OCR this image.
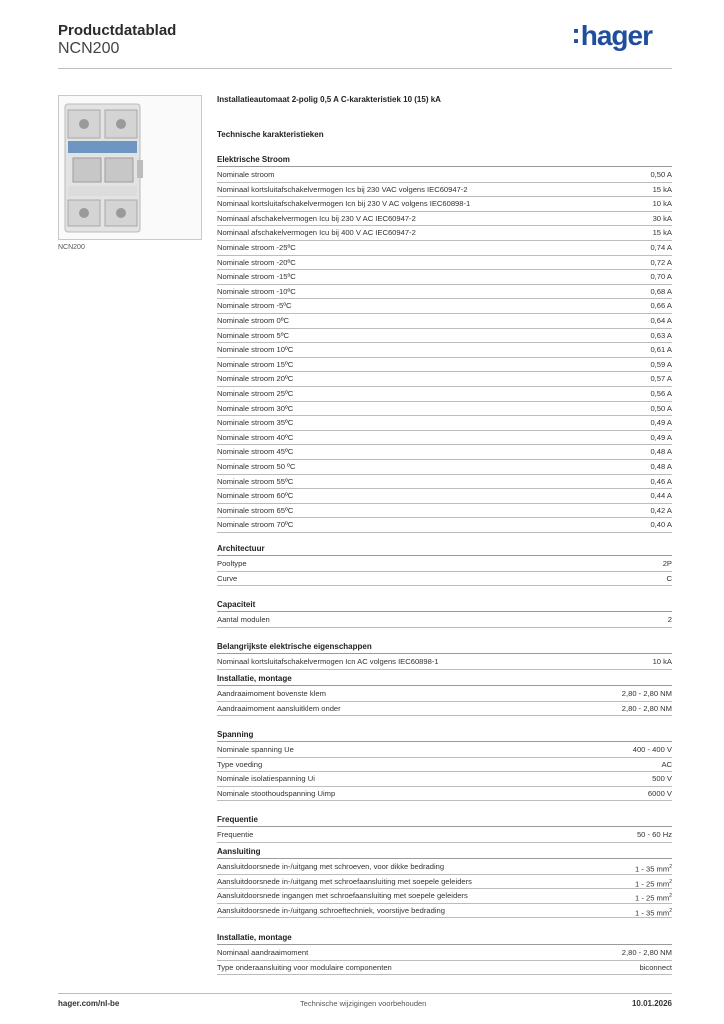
Productdatablad
NCN200	:hager
NCN200
Installatieautomaat 2-polig 0,5 A C-karakteristiek 10 (15) kA
Technische karakteristieken
Elektrische Stroom
Nominale stroom	0,50 A
Nominaal kortsluitafschakelvermogen Ics bij 230 VAC volgens IEC60947-2	15 kA
Nominaal kortsluitafschakelvermogen Icn bij 230 V AC volgens IEC60898-1	10 kA
Nominaal afschakelvermogen Icu bij 230 V AC IEC60947-2	30 kA
Nominaal afschakelvermogen Icu bij 400 V AC IEC60947-2	15 kA
Nominale stroom -25ºC	0,74 A
Nominale stroom -20ºC	0,72 A
Nominale stroom -15ºC	0,70 A
Nominale stroom -10ºC	0,68 A
Nominale stroom -5ºC	0,66 A
Nominale stroom 0ºC	0,64 A
Nominale stroom 5ºC	0,63 A
Nominale stroom 10ºC	0,61 A
Nominale stroom 15ºC	0,59 A
Nominale stroom 20ºC	0,57 A
Nominale stroom 25ºC	0,56 A
Nominale stroom 30ºC	0,50 A
Nominale stroom 35ºC	0,49 A
Nominale stroom 40ºC	0,49 A
Nominale stroom 45ºC	0,48 A
Nominale stroom 50 ºC	0,48 A
Nominale stroom 55ºC	0,46 A
Nominale stroom 60ºC	0,44 A
Nominale stroom 65ºC	0,42 A
Nominale stroom 70ºC	0,40 A
Architectuur
Pooltype	2P
Curve	C
Capaciteit
Aantal modulen	2
Belangrijkste elektrische eigenschappen
Nominaal kortsluitafschakelvermogen Icn AC volgens IEC60898-1	10 kA
Installatie, montage
Aandraaimoment bovenste klem	2,80 - 2,80 NM
Aandraaimoment aansluitklem onder	2,80 - 2,80 NM
Spanning
Nominale spanning Ue	400 - 400 V
Type voeding	AC
Nominale isolatiespanning Ui	500 V
Nominale stoothoudspanning Uimp	6000 V
Frequentie
Frequentie	50 - 60 Hz
Aansluiting
Aansluitdoorsnede in-/uitgang met schroeven, voor dikke bedrading	1 - 35 $mm^2$
Aansluitdoorsnede in-/uitgang met schroefaansluiting met soepele geleiders	1 - 25 $mm^2$
Aansluitdoorsnede ingangen met schroefaansluiting met soepele geleiders	1 - 25 $mm^2$
Aansluitdoorsnede in-/uitgang schroeftechniek, voorstijve bedrading	1 - 35 $mm^2$
Installatie, montage
Nominaal aandraaimoment	2,80 - 2,80 NM
Type onderaansluiting voor modulaire componenten	biconnect
hager.com/nl-be	Technische wijzigingen voorbehouden	10.01.2026
